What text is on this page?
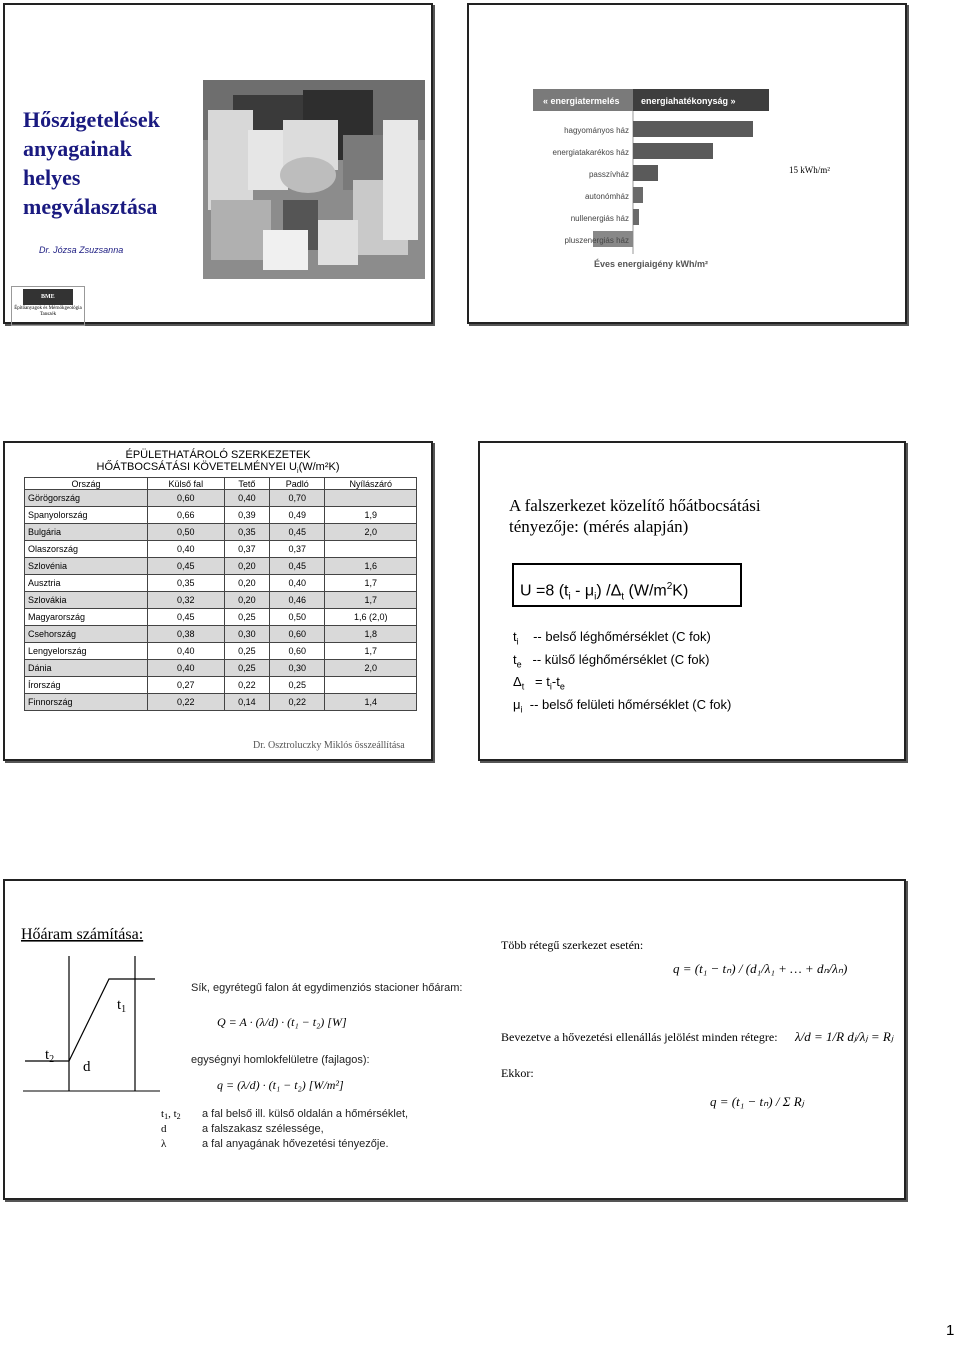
Hőszigetelések
anyagainak
helyes
megválasztása
Dr. Józsa Zsuzsanna
BME
Építőanyagok és Mérnökgeológia Tanszék
« energiatermelés energiahatékonyság »
hagyományos ház
energiatakarékos ház
passzívház
autonómház
nullenergiás ház
pluszenergiás ház
Éves energiaigény kWh/m²
15 kWh/m²
ÉPÜLETHATÁROLÓ SZERKEZETEK
HŐÁTBOCSÁTÁSI KÖVETELMÉNYEI $U_i(W/m^2K)$
Ország	Külső fal	Tető	Padló	Nyílászáró
Görögország	0,60	0,40	0,70	
Spanyolország	0,66	0,39	0,49	1,9
Bulgária	0,50	0,35	0,45	2,0
Olaszország	0,40	0,37	0,37	
Szlovénia	0,45	0,20	0,45	1,6
Ausztria	0,35	0,20	0,40	1,7
Szlovákia	0,32	0,20	0,46	1,7
Magyarország	0,45	0,25	0,50	1,6 (2,0)
Csehország	0,38	0,30	0,60	1,8
Lengyelország	0,40	0,25	0,60	1,7
Dánia	0,40	0,25	0,30	2,0
Írország	0,27	0,22	0,25	
Finnország	0,22	0,14	0,22	1,4
Dr. Osztroluczky Miklós összeállítása
A falszerkezet közelítő hőátbocsátási
tényezője: (mérés alapján)
U =8 $(t_i - \mu_i)$ $/\Delta_t$ $(W/m^2K)$
$t_i$ -- belső léghőmérséklet (C fok)
$t_e$ -- külső léghőmérséklet (C fok)
$\Delta_t = t_i-t_e$
$\mu_i$ -- belső felületi hőmérséklet (C fok)
Hőáram számítása:
$t_1$
$t_2$ d
Sík, egyrétegű falon át egydimenziós stacioner hőáram:
Q = A · (λ/d) · (t₁ − t₂) [W]
egységnyi homlokfelületre (fajlagos):
q = (λ/d) · (t₁ − t₂) [W/m²]
t1, t2 a fal belső ill. külső oldalán a hőmérséklet,
d	a falszakasz szélessége,
λ	a fal anyagának hővezetési tényezője.
Több rétegű szerkezet esetén:
q = (t₁ − tₙ) / (d₁/λ₁ + … + dₙ/λₙ)
Bevezetve a hővezetési ellenállás jelölést minden rétegre: λ/d = 1/R dⱼ/λⱼ = Rⱼ
Ekkor:
q = (t₁ − tₙ) / Σ Rⱼ
1
